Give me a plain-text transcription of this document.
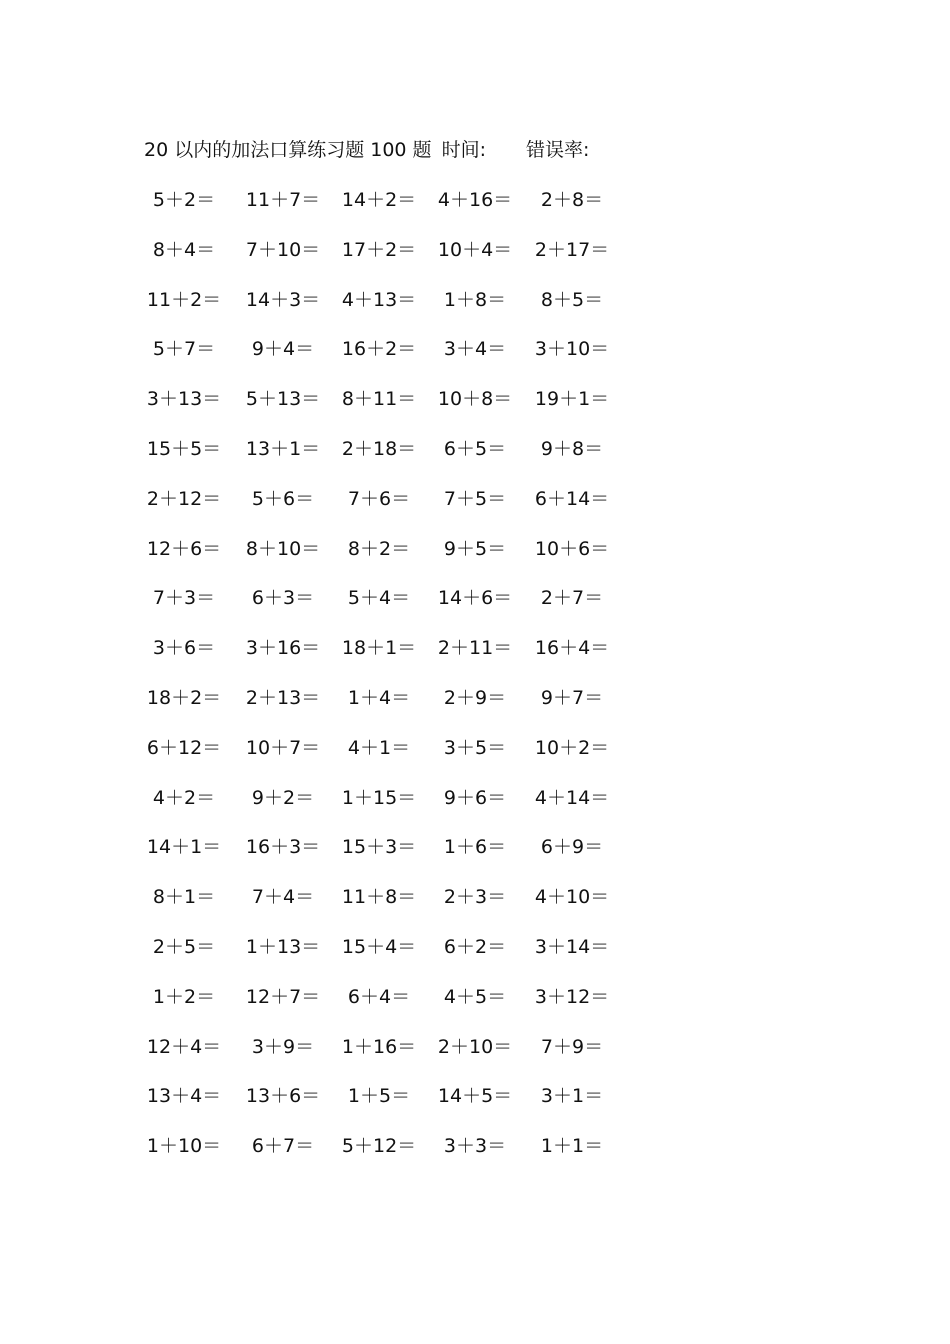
20 以内的加法口算练习题 100 题 时间: 错误率:
5＋2＝ 11＋7＝ 14＋2＝ 4＋16＝ 2＋8＝
8＋4＝ 7＋10＝ 17＋2＝ 10＋4＝ 2＋17＝
11＋2＝ 14＋3＝ 4＋13＝ 1＋8＝ 8＋5＝
5＋7＝ 9＋4＝ 16＋2＝ 3＋4＝ 3＋10＝
3＋13＝ 5＋13＝ 8＋11＝ 10＋8＝ 19＋1＝
15＋5＝ 13＋1＝ 2＋18＝ 6＋5＝ 9＋8＝
2＋12＝ 5＋6＝ 7＋6＝ 7＋5＝ 6＋14＝
12＋6＝ 8＋10＝ 8＋2＝ 9＋5＝ 10＋6＝
7＋3＝ 6＋3＝ 5＋4＝ 14＋6＝ 2＋7＝
3＋6＝ 3＋16＝ 18＋1＝ 2＋11＝ 16＋4＝
18＋2＝ 2＋13＝ 1＋4＝ 2＋9＝ 9＋7＝
6＋12＝ 10＋7＝ 4＋1＝ 3＋5＝ 10＋2＝
4＋2＝ 9＋2＝ 1＋15＝ 9＋6＝ 4＋14＝
14＋1＝ 16＋3＝ 15＋3＝ 1＋6＝ 6＋9＝
8＋1＝ 7＋4＝ 11＋8＝ 2＋3＝ 4＋10＝
2＋5＝ 1＋13＝ 15＋4＝ 6＋2＝ 3＋14＝
1＋2＝ 12＋7＝ 6＋4＝ 4＋5＝ 3＋12＝
12＋4＝ 3＋9＝ 1＋16＝ 2＋10＝ 7＋9＝
13＋4＝ 13＋6＝ 1＋5＝ 14＋5＝ 3＋1＝
1＋10＝ 6＋7＝ 5＋12＝ 3＋3＝ 1＋1＝
